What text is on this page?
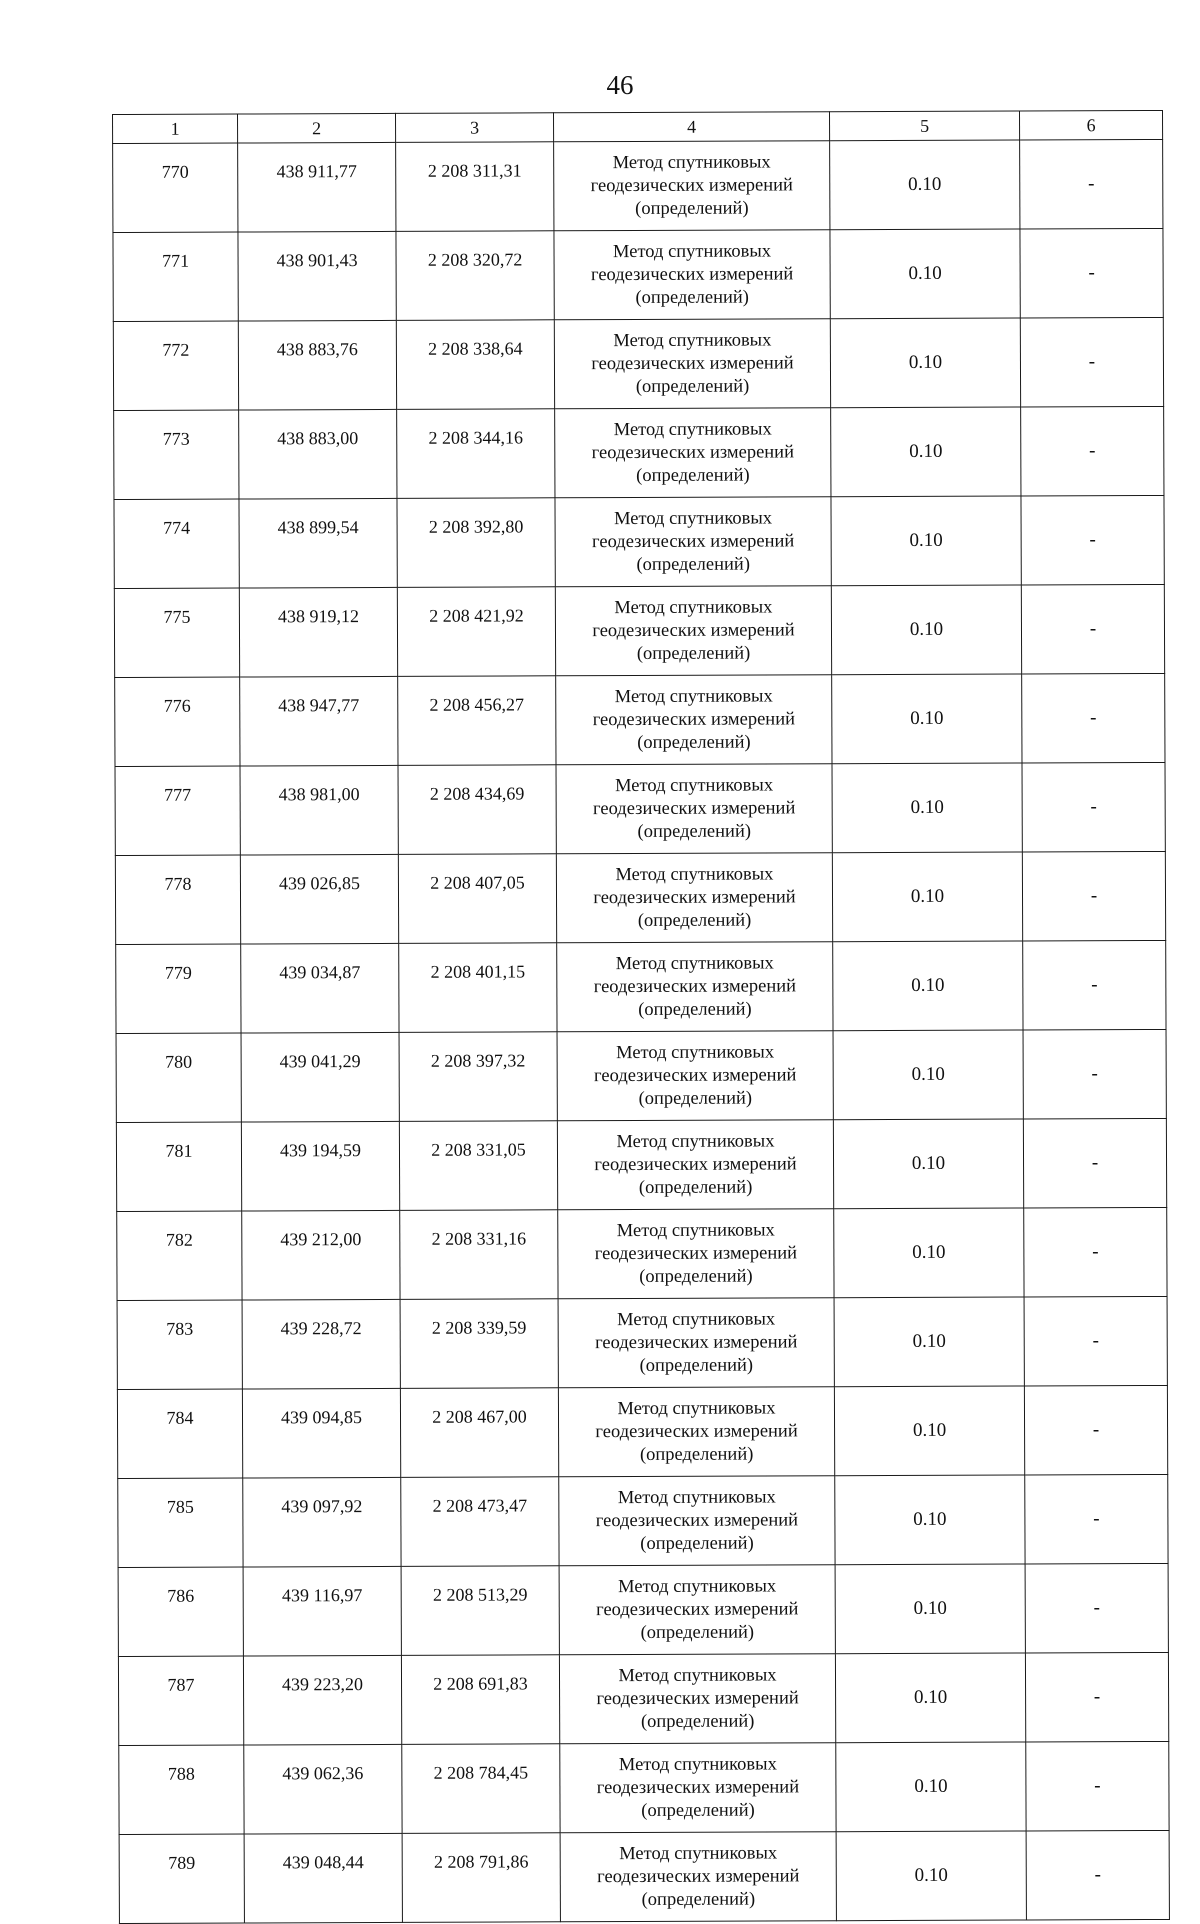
46
1	2	3	4	5	6
770	438 911,77	2 208 311,31	Метод спутниковых
геодезических измерений
(определений)	0.10	-
771	438 901,43	2 208 320,72	Метод спутниковых
геодезических измерений
(определений)	0.10	-
772	438 883,76	2 208 338,64	Метод спутниковых
геодезических измерений
(определений)	0.10	-
773	438 883,00	2 208 344,16	Метод спутниковых
геодезических измерений
(определений)	0.10	-
774	438 899,54	2 208 392,80	Метод спутниковых
геодезических измерений
(определений)	0.10	-
775	438 919,12	2 208 421,92	Метод спутниковых
геодезических измерений
(определений)	0.10	-
776	438 947,77	2 208 456,27	Метод спутниковых
геодезических измерений
(определений)	0.10	-
777	438 981,00	2 208 434,69	Метод спутниковых
геодезических измерений
(определений)	0.10	-
778	439 026,85	2 208 407,05	Метод спутниковых
геодезических измерений
(определений)	0.10	-
779	439 034,87	2 208 401,15	Метод спутниковых
геодезических измерений
(определений)	0.10	-
780	439 041,29	2 208 397,32	Метод спутниковых
геодезических измерений
(определений)	0.10	-
781	439 194,59	2 208 331,05	Метод спутниковых
геодезических измерений
(определений)	0.10	-
782	439 212,00	2 208 331,16	Метод спутниковых
геодезических измерений
(определений)	0.10	-
783	439 228,72	2 208 339,59	Метод спутниковых
геодезических измерений
(определений)	0.10	-
784	439 094,85	2 208 467,00	Метод спутниковых
геодезических измерений
(определений)	0.10	-
785	439 097,92	2 208 473,47	Метод спутниковых
геодезических измерений
(определений)	0.10	-
786	439 116,97	2 208 513,29	Метод спутниковых
геодезических измерений
(определений)	0.10	-
787	439 223,20	2 208 691,83	Метод спутниковых
геодезических измерений
(определений)	0.10	-
788	439 062,36	2 208 784,45	Метод спутниковых
геодезических измерений
(определений)	0.10	-
789	439 048,44	2 208 791,86	Метод спутниковых
геодезических измерений
(определений)	0.10	-
